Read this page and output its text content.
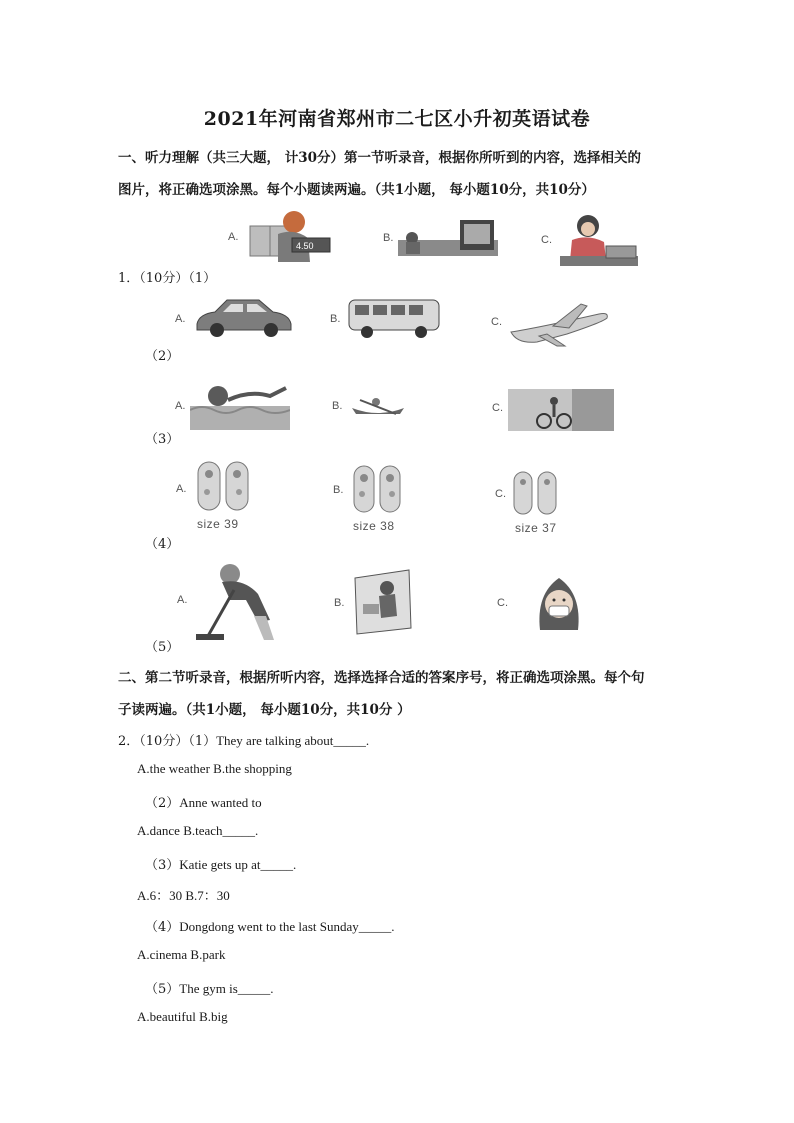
2021年河南省郑州市二七区小升初英语试卷
一、听力理解（共三大题， 计30分）第一节听录音，根据你所听到的内容，选择相关的
图片，将正确选项涂黑。每个小题读两遍。（共1小题， 每小题10分，共10分）
A.
4.50
B.	C.
1．（10分）（1）
A.	B.	C.
（2）
A.	B.	C.
（3）
A.
size 39
B.
size 38
C.
size 37
（4）
A.	B.	C.
（5）
二、第二节听录音，根据所听内容，选择选择合适的答案序号，将正确选项涂黑。每个句
子读两遍。（共1小题， 每小题10分，共10分 ）
2．（10分）（1）They are talking about_____.
A.the weather B.the shopping
（2）Anne wanted to
A.dance B.teach_____.
（3）Katie gets up at_____.
A.6：30 B.7：30
（4）Dongdong went to the last Sunday_____.
A.cinema B.park
（5）The gym is_____.
A.beautiful B.big
